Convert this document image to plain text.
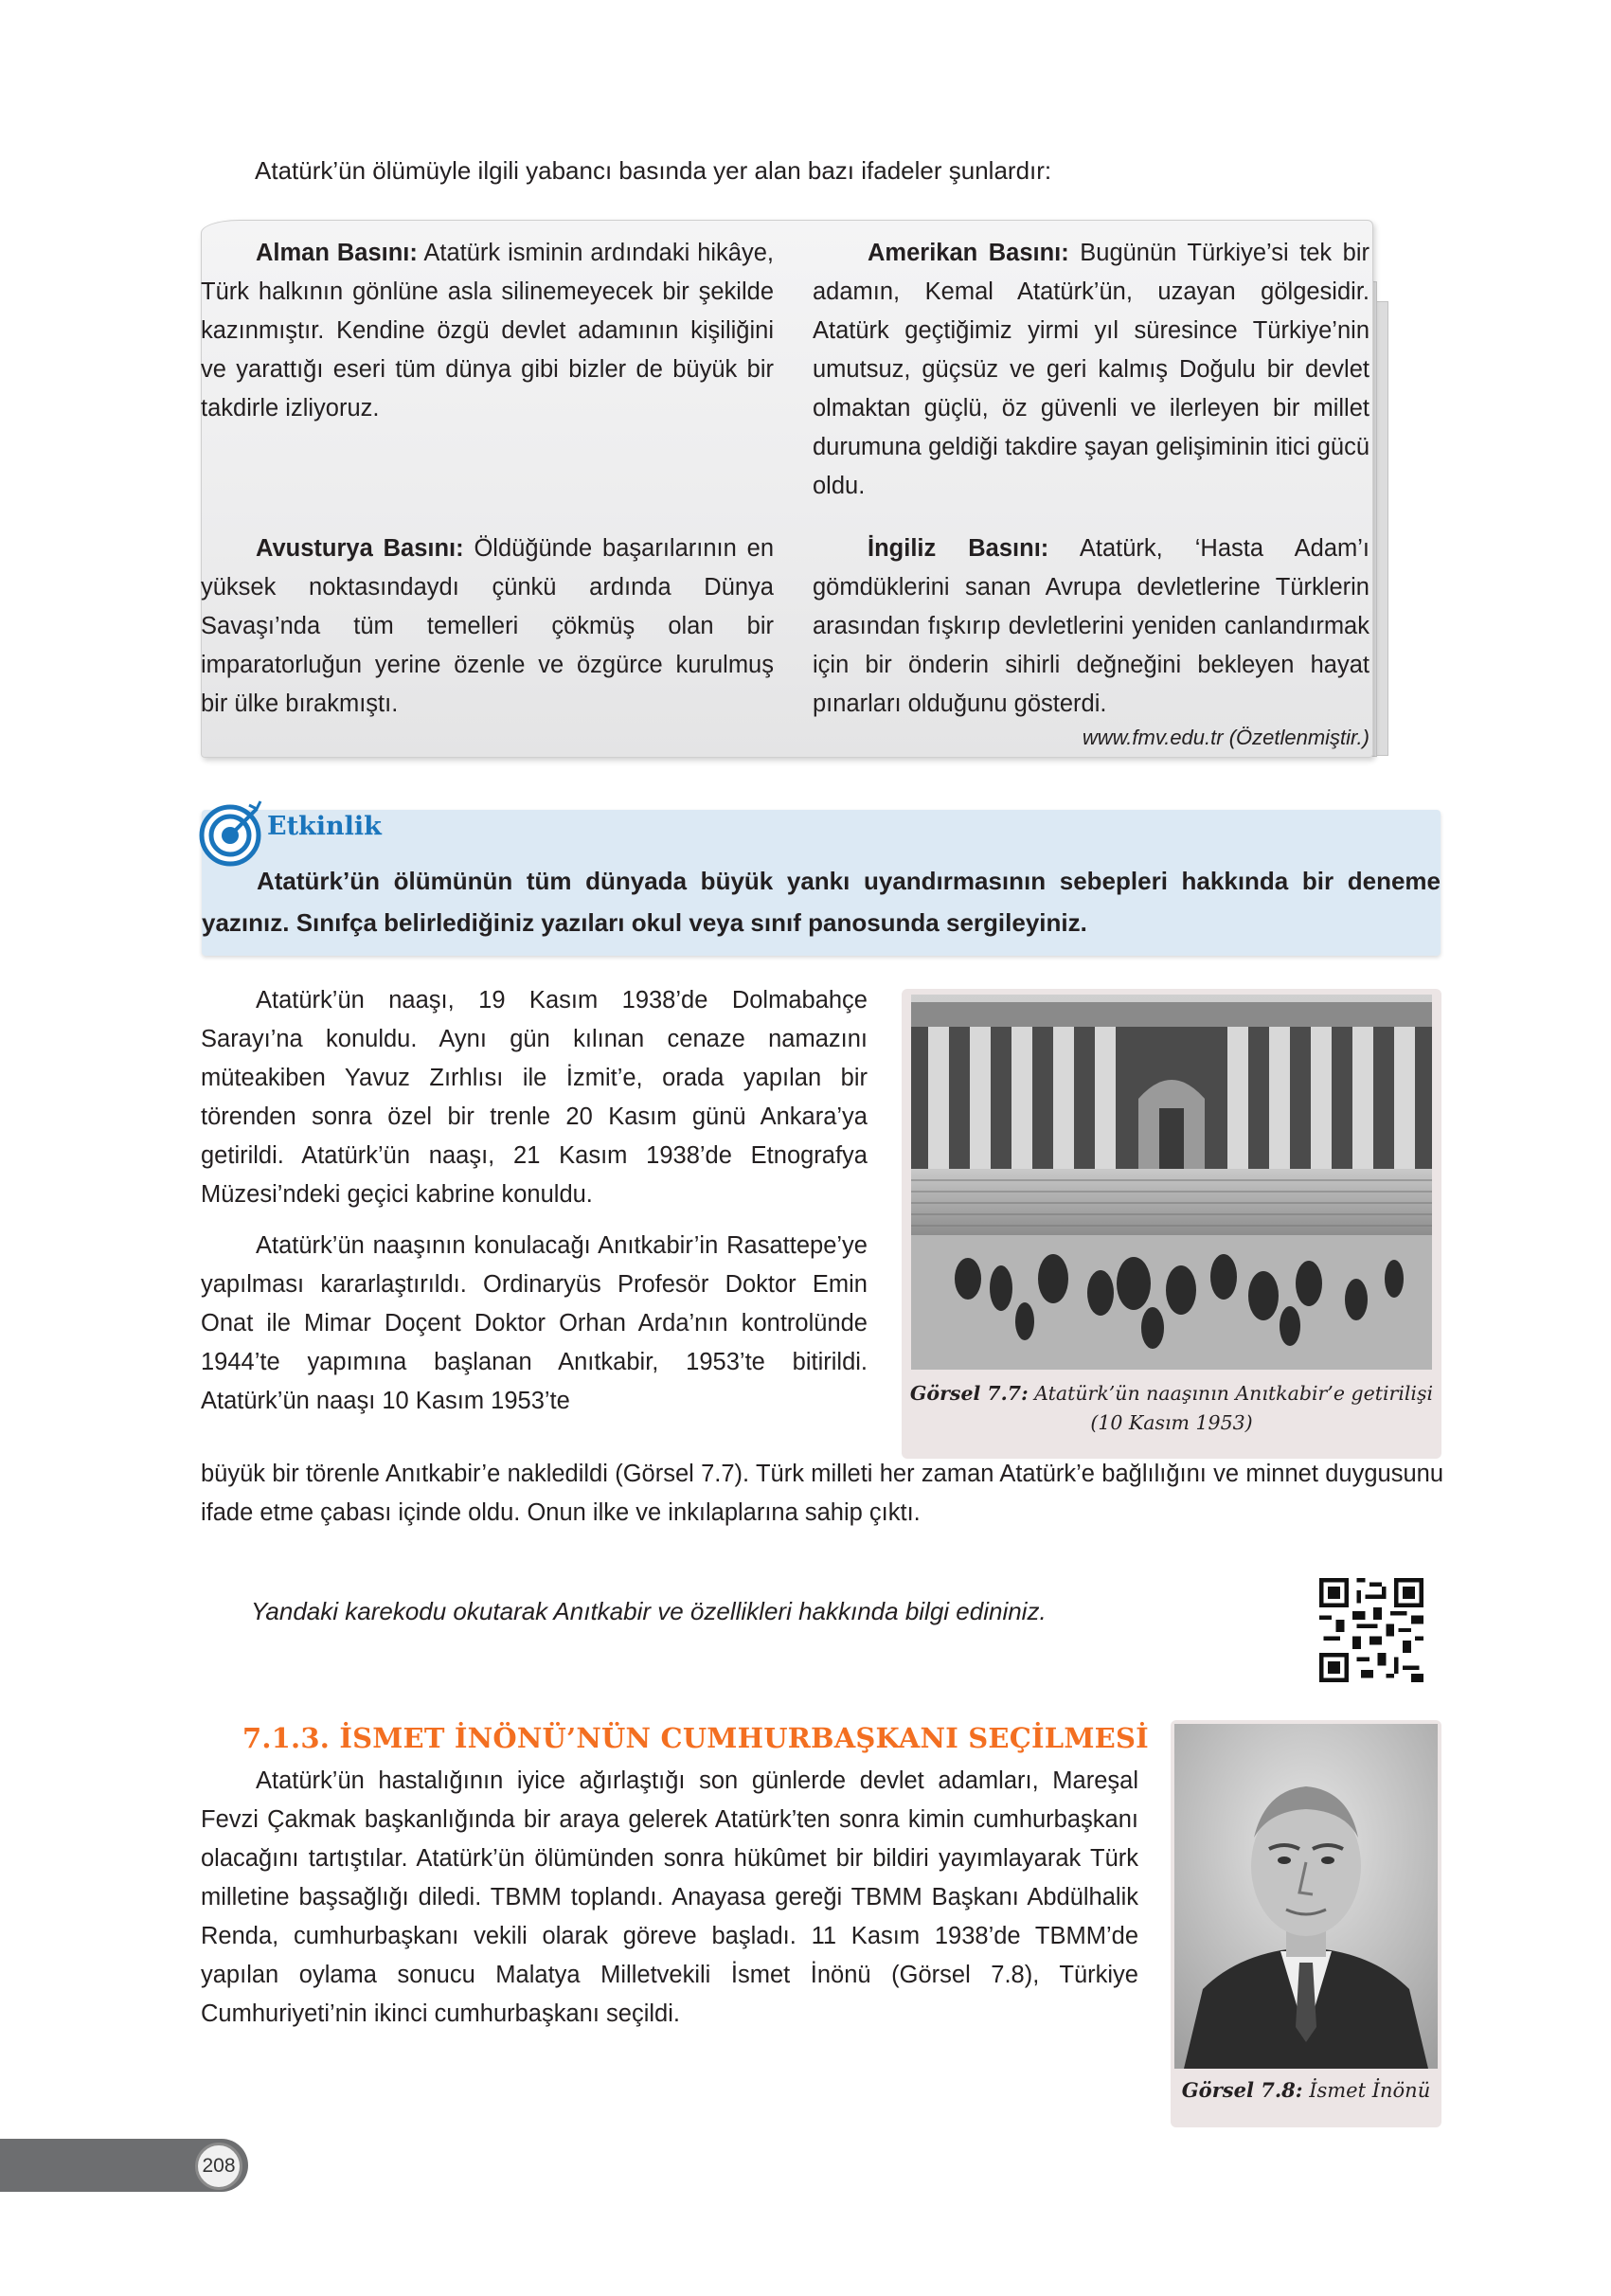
Atatürk’ün ölümüyle ilgili yabancı basında yer alan bazı ifadeler şunlardır:

Alman Basını: Atatürk isminin ardındaki hikâye, Türk halkının gönlüne asla silinemeyecek bir şekilde kazınmıştır. Kendine özgü devlet adamının kişiliğini ve yarattığı eseri tüm dünya gibi bizler de büyük bir takdirle izliyoruz.

Amerikan Basını: Bugünün Türkiye’si tek bir adamın, Kemal Atatürk’ün, uzayan gölgesidir. Atatürk geçtiğimiz yirmi yıl süresince Türkiye’nin umutsuz, güçsüz ve geri kalmış Doğulu bir devlet olmaktan güçlü, öz güvenli ve ilerleyen bir millet durumuna geldiği takdire şayan gelişiminin itici gücü oldu.

Avusturya Basını: Öldüğünde başarılarının en yüksek noktasındaydı çünkü ardında Dünya Savaşı’nda tüm temelleri çökmüş olan bir imparatorluğun yerine özenle ve özgürce kurulmuş bir ülke bırakmıştı.

İngiliz Basını: Atatürk, ‘Hasta Adam’ı gömdüklerini sanan Avrupa devletlerine Türklerin arasından fışkırıp devletlerini yeniden canlandırmak için bir önderin sihirli değneğini bekleyen hayat pınarları olduğunu gösterdi.

www.fmv.edu.tr (Özetlenmiştir.)
Etkinlik

Atatürk’ün ölümünün tüm dünyada büyük yankı uyandırmasının sebepleri hakkında bir deneme yazınız. Sınıfça belirlediğiniz yazıları okul veya sınıf panosunda sergileyiniz.

Atatürk’ün naaşı, 19 Kasım 1938’de Dolmabahçe Sarayı’na konuldu. Aynı gün kılınan cenaze namazını müteakiben Yavuz Zırhlısı ile İzmit’e, orada yapılan bir törenden sonra özel bir trenle 20 Kasım günü Ankara’ya getirildi. Atatürk’ün naaşı, 21 Kasım 1938’de Etnografya Müzesi’ndeki geçici kabrine konuldu.

Atatürk’ün naaşının konulacağı Anıtkabir’in Rasattepe’ye yapılması kararlaştırıldı. Ordinaryüs Profesör Doktor Emin Onat ile Mimar Doçent Doktor Orhan Arda’nın kontrolünde 1944’te yapımına başlanan Anıtkabir, 1953’te bitirildi. Atatürk’ün naaşı 10 Kasım 1953’te	Görsel 7.7: Atatürk’ün naaşının Anıtkabir’e getirilişi
(10 Kasım 1953)

büyük bir törenle Anıtkabir’e nakledildi (Görsel 7.7). Türk milleti her zaman Atatürk’e bağlılığını ve minnet duygusunu ifade etme çabası içinde oldu. Onun ilke ve inkılaplarına sahip çıktı.

Yandaki karekodu okutarak Anıtkabir ve özellikleri hakkında bilgi edininiz.
7.1.3. İSMET İNÖNÜ’NÜN CUMHURBAŞKANI SEÇİLMESİ

Atatürk’ün hastalığının iyice ağırlaştığı son günlerde devlet adamları, Mareşal Fevzi Çakmak başkanlığında bir araya gelerek Atatürk’ten sonra kimin cumhurbaşkanı olacağını tartıştılar. Atatürk’ün ölümünden sonra hükûmet bir bildiri yayımlayarak Türk milletine başsağlığı diledi. TBMM toplandı. Anayasa gereği TBMM Başkanı Abdülhalik Renda, cumhurbaşkanı vekili olarak göreve başladı. 11 Kasım 1938’de TBMM’de yapılan oylama sonucu Malatya Milletvekili İsmet İnönü (Görsel 7.8), Türkiye Cumhuriyeti’nin ikinci cumhurbaşkanı seçildi.

Görsel 7.8: İsmet İnönü
208
